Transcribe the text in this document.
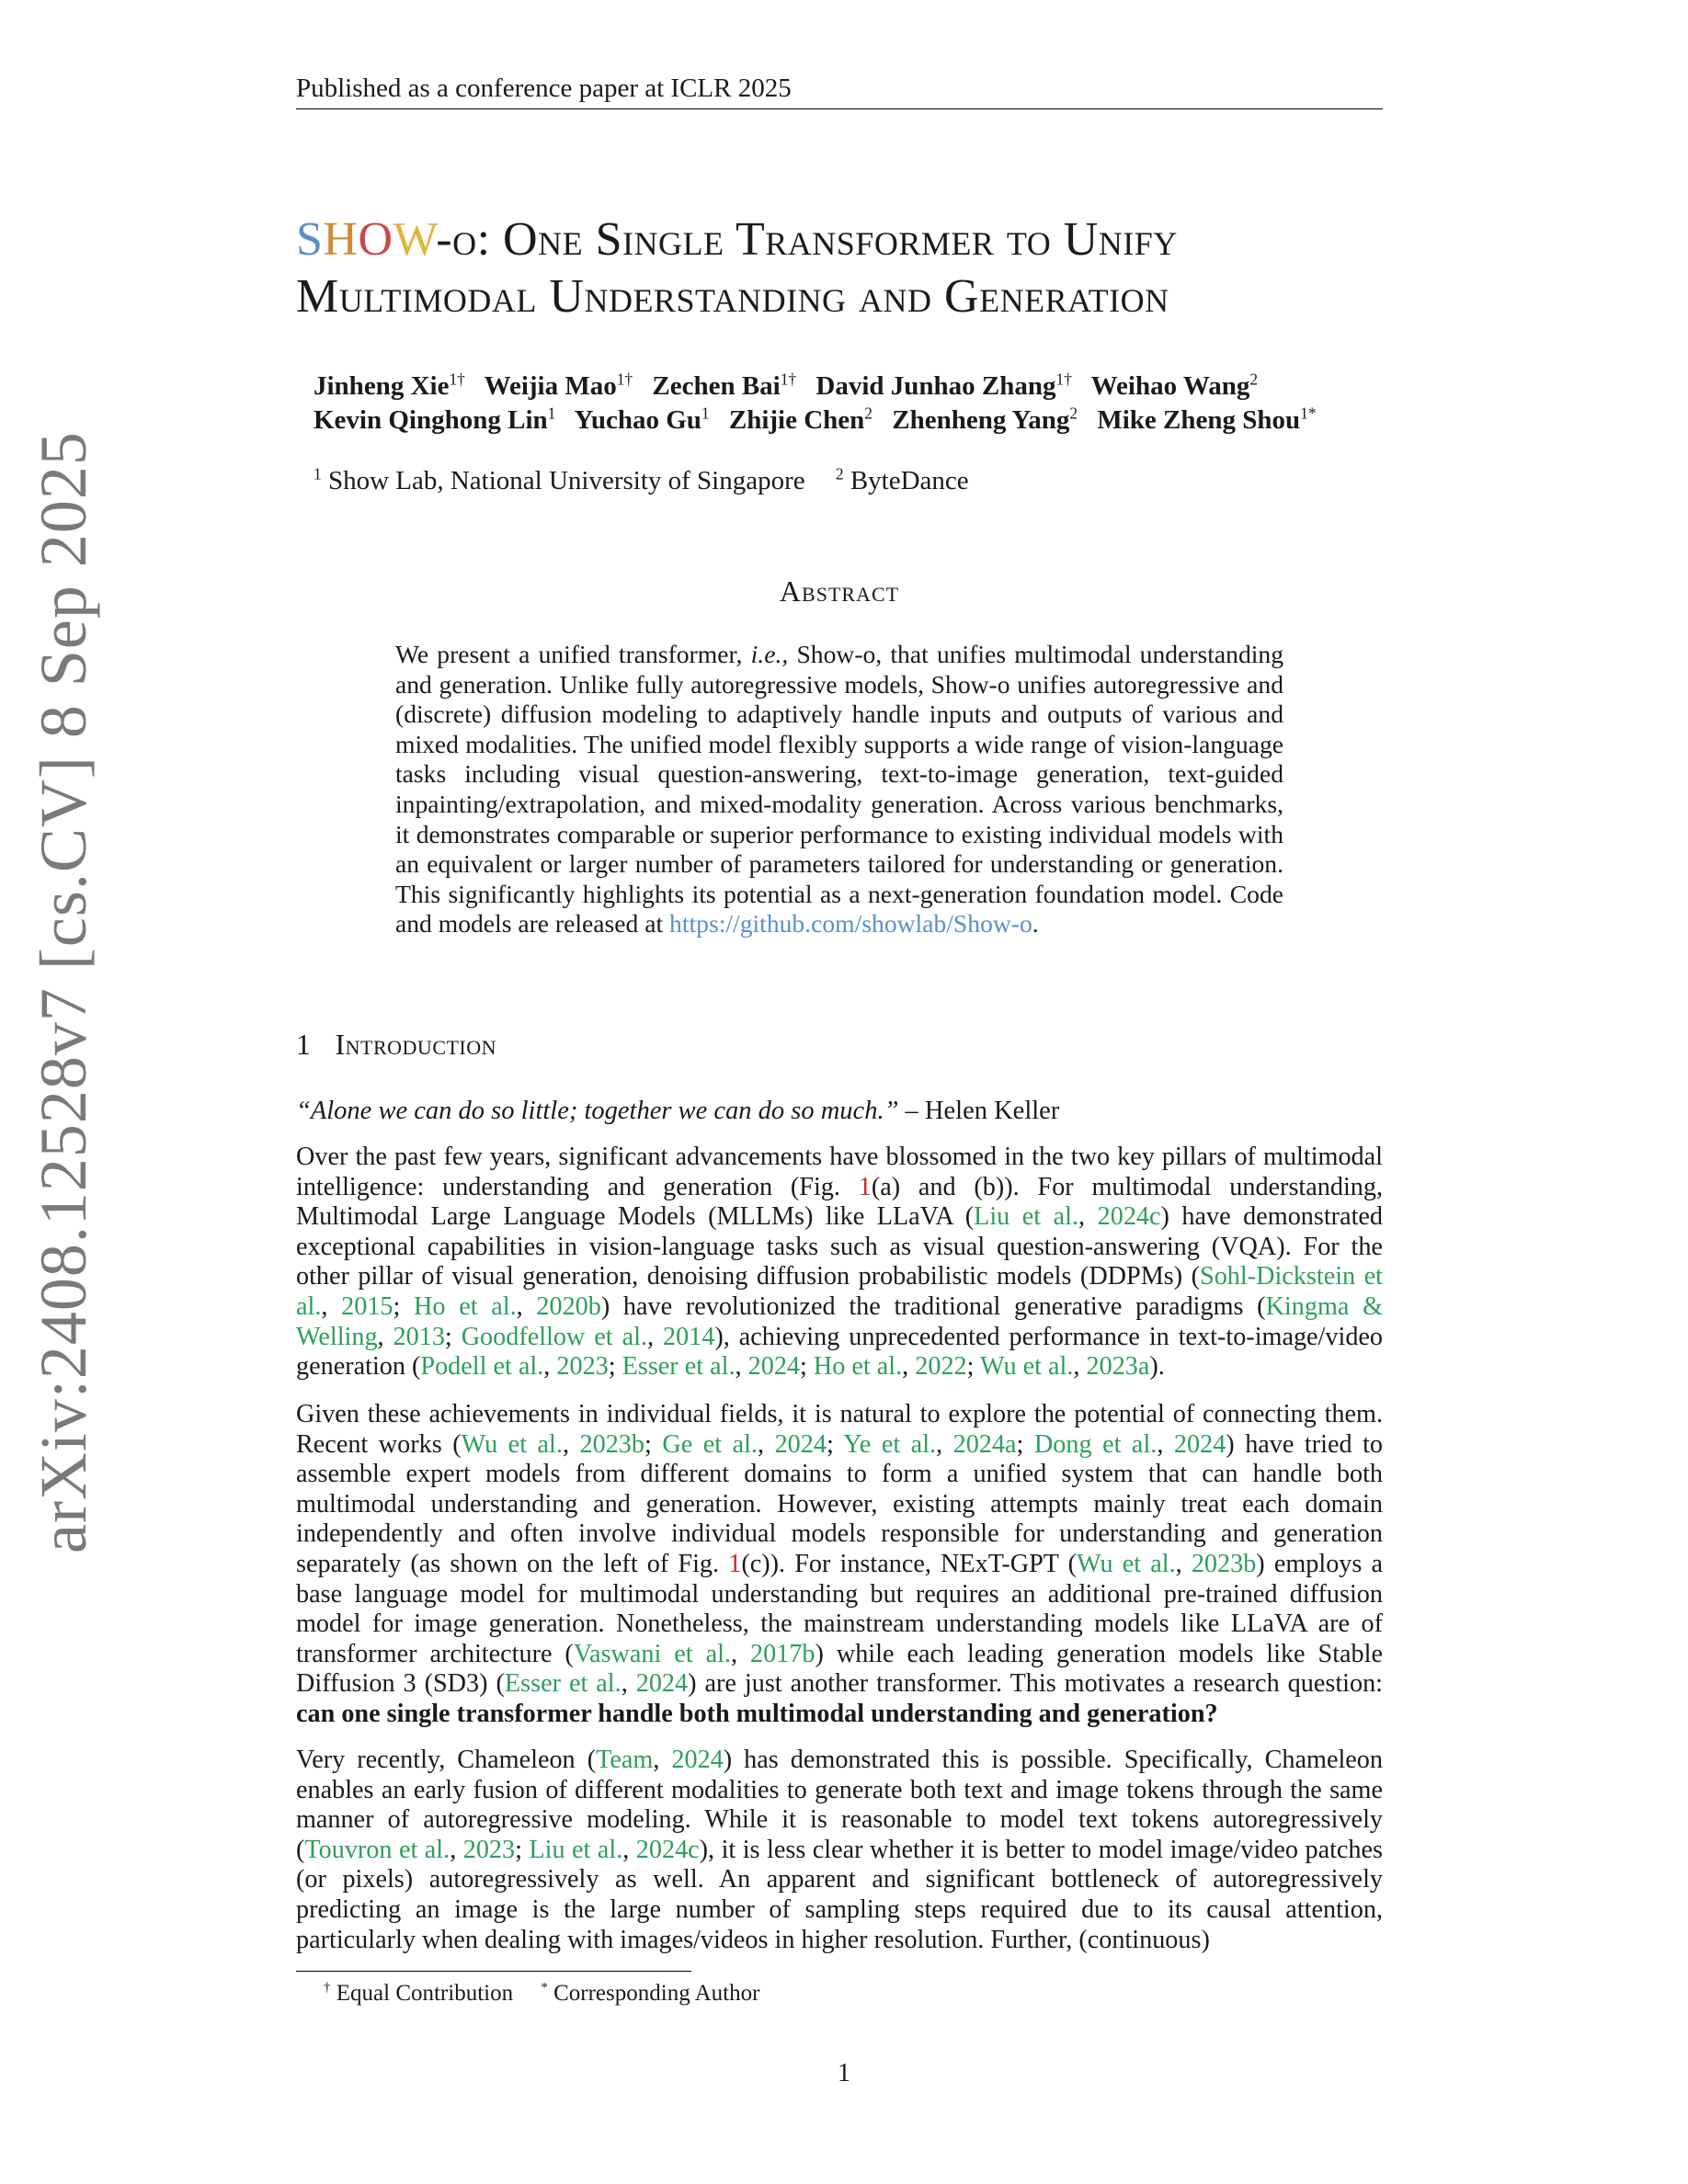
Published as a conference paper at ICLR 2025
arXiv:2408.12528v7 [cs.CV] 8 Sep 2025
SHOW-o: One Single Transformer to Unify
Multimodal Understanding and Generation
Jinheng Xie$^{1\dagger}$ Weijia Mao$^{1\dagger}$ Zechen Bai$^{1\dagger}$ David Junhao Zhang$^{1\dagger}$ Weihao Wang$^2$
Kevin Qinghong Lin$^1$ Yuchao Gu$^1$ Zhijie Chen$^2$ Zhenheng Yang$^2$ Mike Zheng Shou$^{1*}$
$^1$ Show Lab, National University of Singapore $^2$ ByteDance
Abstract
We present a unified transformer, i.e., Show-o, that unifies multimodal understanding and generation. Unlike fully autoregressive models, Show-o unifies autoregressive and (discrete) diffusion modeling to adaptively handle inputs and outputs of various and mixed modalities. The unified model flexibly supports a wide range of vision-language tasks including visual question-answering, text-to-image generation, text-guided inpainting/extrapolation, and mixed-modality generation. Across various benchmarks, it demonstrates comparable or superior performance to existing individual models with an equivalent or larger number of parameters tailored for understanding or generation. This significantly highlights its potential as a next-generation foundation model. Code and models are released at https://github.com/showlab/Show-o.
1 Introduction
“Alone we can do so little; together we can do so much.” – Helen Keller

Over the past few years, significant advancements have blossomed in the two key pillars of multimodal intelligence: understanding and generation (Fig. 1(a) and (b)). For multimodal understanding, Multimodal Large Language Models (MLLMs) like LLaVA (Liu et al., 2024c) have demonstrated exceptional capabilities in vision-language tasks such as visual question-answering (VQA). For the other pillar of visual generation, denoising diffusion probabilistic models (DDPMs) (Sohl-Dickstein et al., 2015; Ho et al., 2020b) have revolutionized the traditional generative paradigms (Kingma & Welling, 2013; Goodfellow et al., 2014), achieving unprecedented performance in text-to-image/video generation (Podell et al., 2023; Esser et al., 2024; Ho et al., 2022; Wu et al., 2023a).

Given these achievements in individual fields, it is natural to explore the potential of connecting them. Recent works (Wu et al., 2023b; Ge et al., 2024; Ye et al., 2024a; Dong et al., 2024) have tried to assemble expert models from different domains to form a unified system that can handle both multimodal understanding and generation. However, existing attempts mainly treat each domain independently and often involve individual models responsible for understanding and generation separately (as shown on the left of Fig. 1(c)). For instance, NExT-GPT (Wu et al., 2023b) employs a base language model for multimodal understanding but requires an additional pre-trained diffusion model for image generation. Nonetheless, the mainstream understanding models like LLaVA are of transformer architecture (Vaswani et al., 2017b) while each leading generation models like Stable Diffusion 3 (SD3) (Esser et al., 2024) are just another transformer. This motivates a research question: can one single transformer handle both multimodal understanding and generation?

Very recently, Chameleon (Team, 2024) has demonstrated this is possible. Specifically, Chameleon enables an early fusion of different modalities to generate both text and image tokens through the same manner of autoregressive modeling. While it is reasonable to model text tokens autoregressively (Touvron et al., 2023; Liu et al., 2024c), it is less clear whether it is better to model image/video patches (or pixels) autoregressively as well. An apparent and significant bottleneck of autoregressively predicting an image is the large number of sampling steps required due to its causal attention, particularly when dealing with images/videos in higher resolution. Further, (continuous)

† Equal Contribution * Corresponding Author
1
